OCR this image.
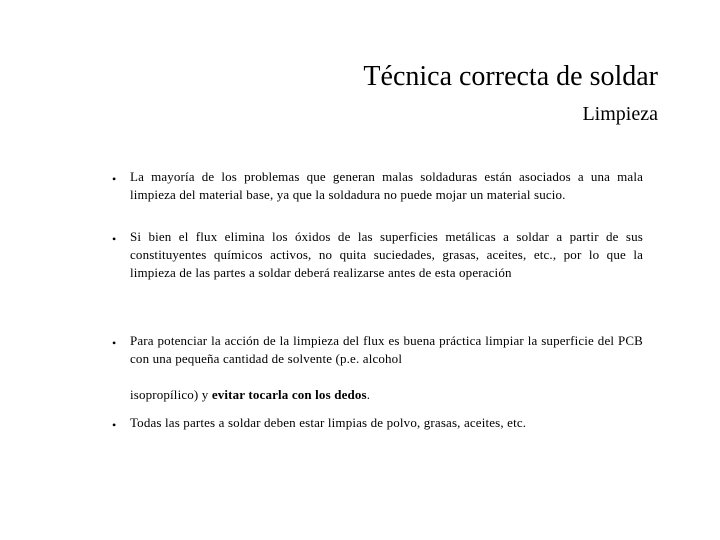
Técnica correcta de soldar
Limpieza
• La mayoría de los problemas que generan malas soldaduras están asociados a una mala limpieza del material base, ya que la soldadura no puede mojar un material sucio.
• Si bien el flux elimina los óxidos de las superficies metálicas a soldar a partir de sus constituyentes químicos activos, no quita suciedades, grasas, aceites, etc., por lo que la limpieza de las partes a soldar deberá realizarse antes de esta operación
• Para potenciar la acción de la limpieza del flux es buena práctica limpiar la superficie del PCB con una pequeña cantidad de solvente (p.e. alcohol
isopropílico) y evitar tocarla con los dedos.
• Todas las partes a soldar deben estar limpias de polvo, grasas, aceites, etc.
